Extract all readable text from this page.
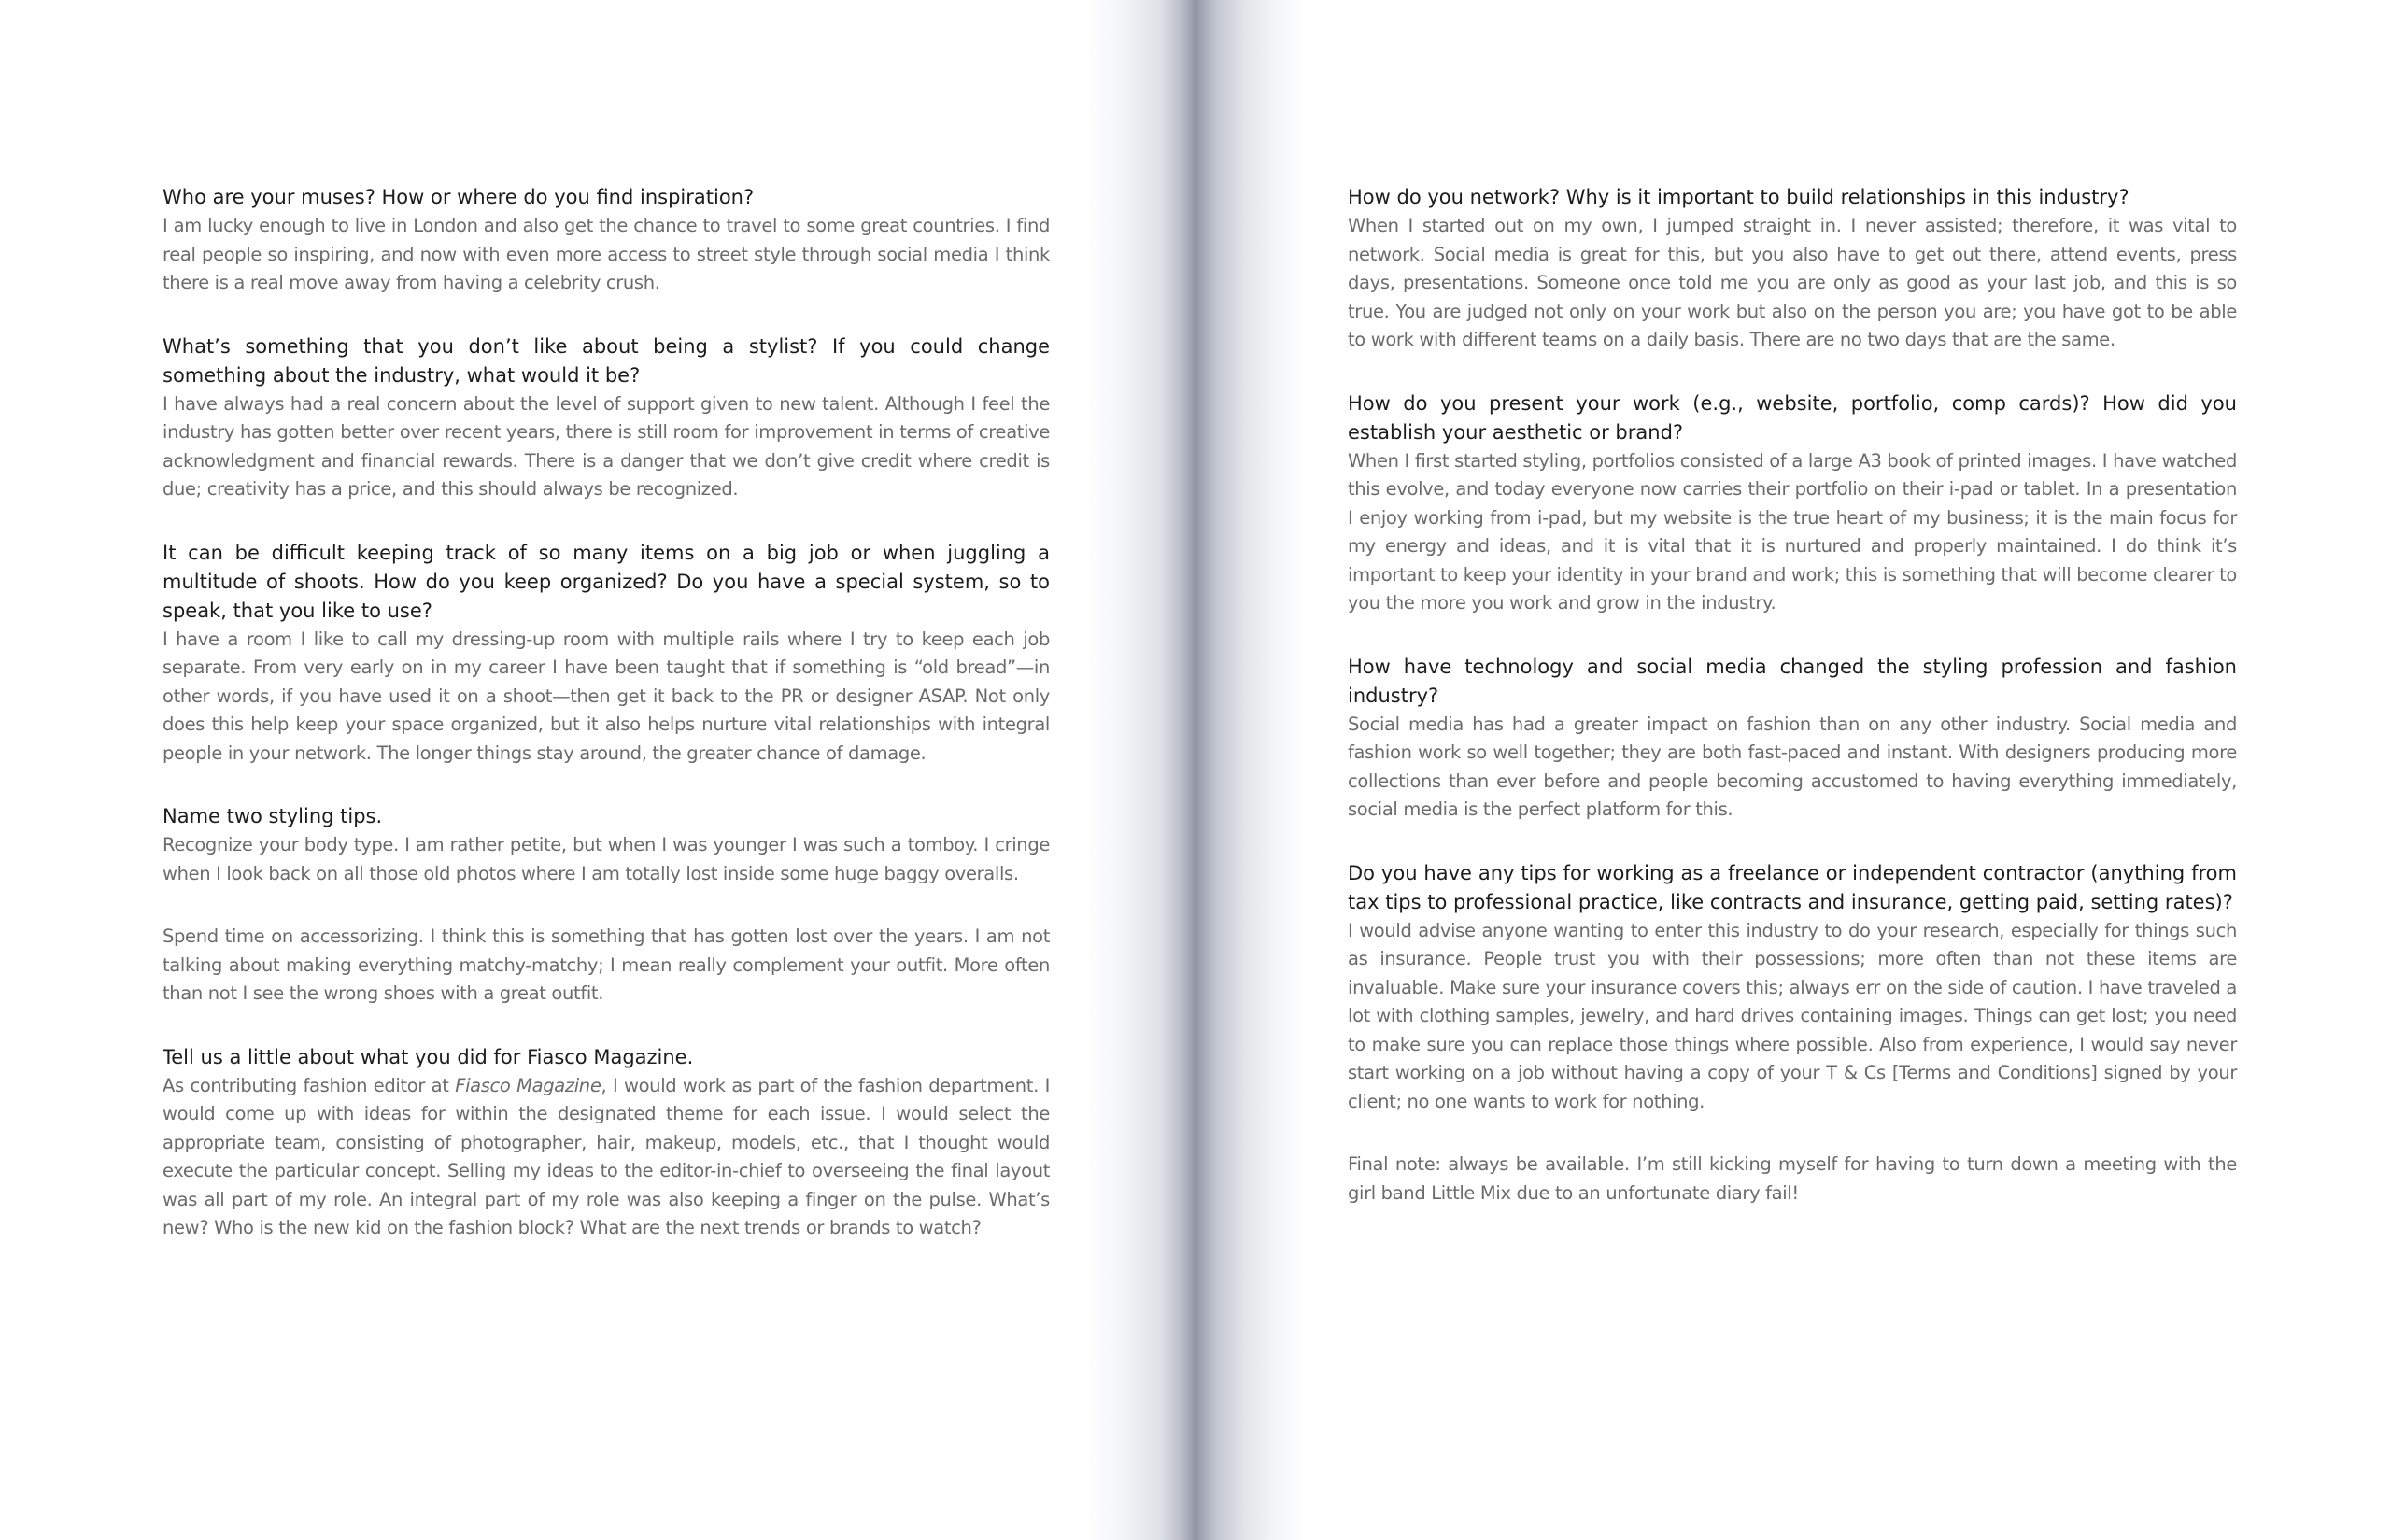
Who are your muses? How or where do you find inspiration?

I am lucky enough to live in London and also get the chance to travel to some great countries. I find real people so inspiring, and now with even more access to street style through social media I think there is a real move away from having a celebrity crush.

What’s something that you don’t like about being a stylist? If you could change something about the industry, what would it be?

I have always had a real concern about the level of support given to new talent. Although I feel the industry has gotten better over recent years, there is still room for improvement in terms of creative acknowledgment and financial rewards. There is a danger that we don’t give credit where credit is due; creativity has a price, and this should always be recognized.

It can be difficult keeping track of so many items on a big job or when juggling a multitude of shoots. How do you keep organized? Do you have a special system, so to speak, that you like to use?

I have a room I like to call my dressing-up room with multiple rails where I try to keep each job separate. From very early on in my career I have been taught that if something is “old bread”—in other words, if you have used it on a shoot—then get it back to the PR or designer ASAP. Not only does this help keep your space organized, but it also helps nurture vital relationships with integral people in your network. The longer things stay around, the greater chance of damage.

Name two styling tips.

Recognize your body type. I am rather petite, but when I was younger I was such a tomboy. I cringe when I look back on all those old photos where I am totally lost inside some huge baggy overalls.

Spend time on accessorizing. I think this is something that has gotten lost over the years. I am not talking about making everything matchy-matchy; I mean really complement your outfit. More often than not I see the wrong shoes with a great outfit.

Tell us a little about what you did for Fiasco Magazine.

As contributing fashion editor at Fiasco Magazine, I would work as part of the fashion department. I would come up with ideas for within the designated theme for each issue. I would select the appropriate team, consisting of photographer, hair, makeup, models, etc., that I thought would execute the particular concept. Selling my ideas to the editor-in-chief to overseeing the final layout was all part of my role. An integral part of my role was also keeping a finger on the pulse. What’s new? Who is the new kid on the fashion block? What are the next trends or brands to watch?

How do you network? Why is it important to build relationships in this industry?

When I started out on my own, I jumped straight in. I never assisted; therefore, it was vital to network. Social media is great for this, but you also have to get out there, attend events, press days, presentations. Someone once told me you are only as good as your last job, and this is so true. You are judged not only on your work but also on the person you are; you have got to be able to work with different teams on a daily basis. There are no two days that are the same.

How do you present your work (e.g., website, portfolio, comp cards)? How did you establish your aesthetic or brand?

When I first started styling, portfolios consisted of a large A3 book of printed images. I have watched this evolve, and today everyone now carries their portfolio on their i-pad or tablet. In a presentation I enjoy working from i-pad, but my website is the true heart of my business; it is the main focus for my energy and ideas, and it is vital that it is nurtured and properly maintained. I do think it’s important to keep your identity in your brand and work; this is something that will become clearer to you the more you work and grow in the industry.

How have technology and social media changed the styling profession and fashion industry?

Social media has had a greater impact on fashion than on any other industry. Social media and fashion work so well together; they are both fast-paced and instant. With designers producing more collections than ever before and people becoming accustomed to having everything immediately, social media is the perfect platform for this.

Do you have any tips for working as a freelance or independent contractor (anything from tax tips to professional practice, like contracts and insurance, getting paid, setting rates)?

I would advise anyone wanting to enter this industry to do your research, especially for things such as insurance. People trust you with their possessions; more often than not these items are invaluable. Make sure your insurance covers this; always err on the side of caution. I have traveled a lot with clothing samples, jewelry, and hard drives containing images. Things can get lost; you need to make sure you can replace those things where possible. Also from experience, I would say never start working on a job without having a copy of your T & Cs [Terms and Conditions] signed by your client; no one wants to work for nothing.

Final note: always be available. I’m still kicking myself for having to turn down a meeting with the girl band Little Mix due to an unfortunate diary fail!
